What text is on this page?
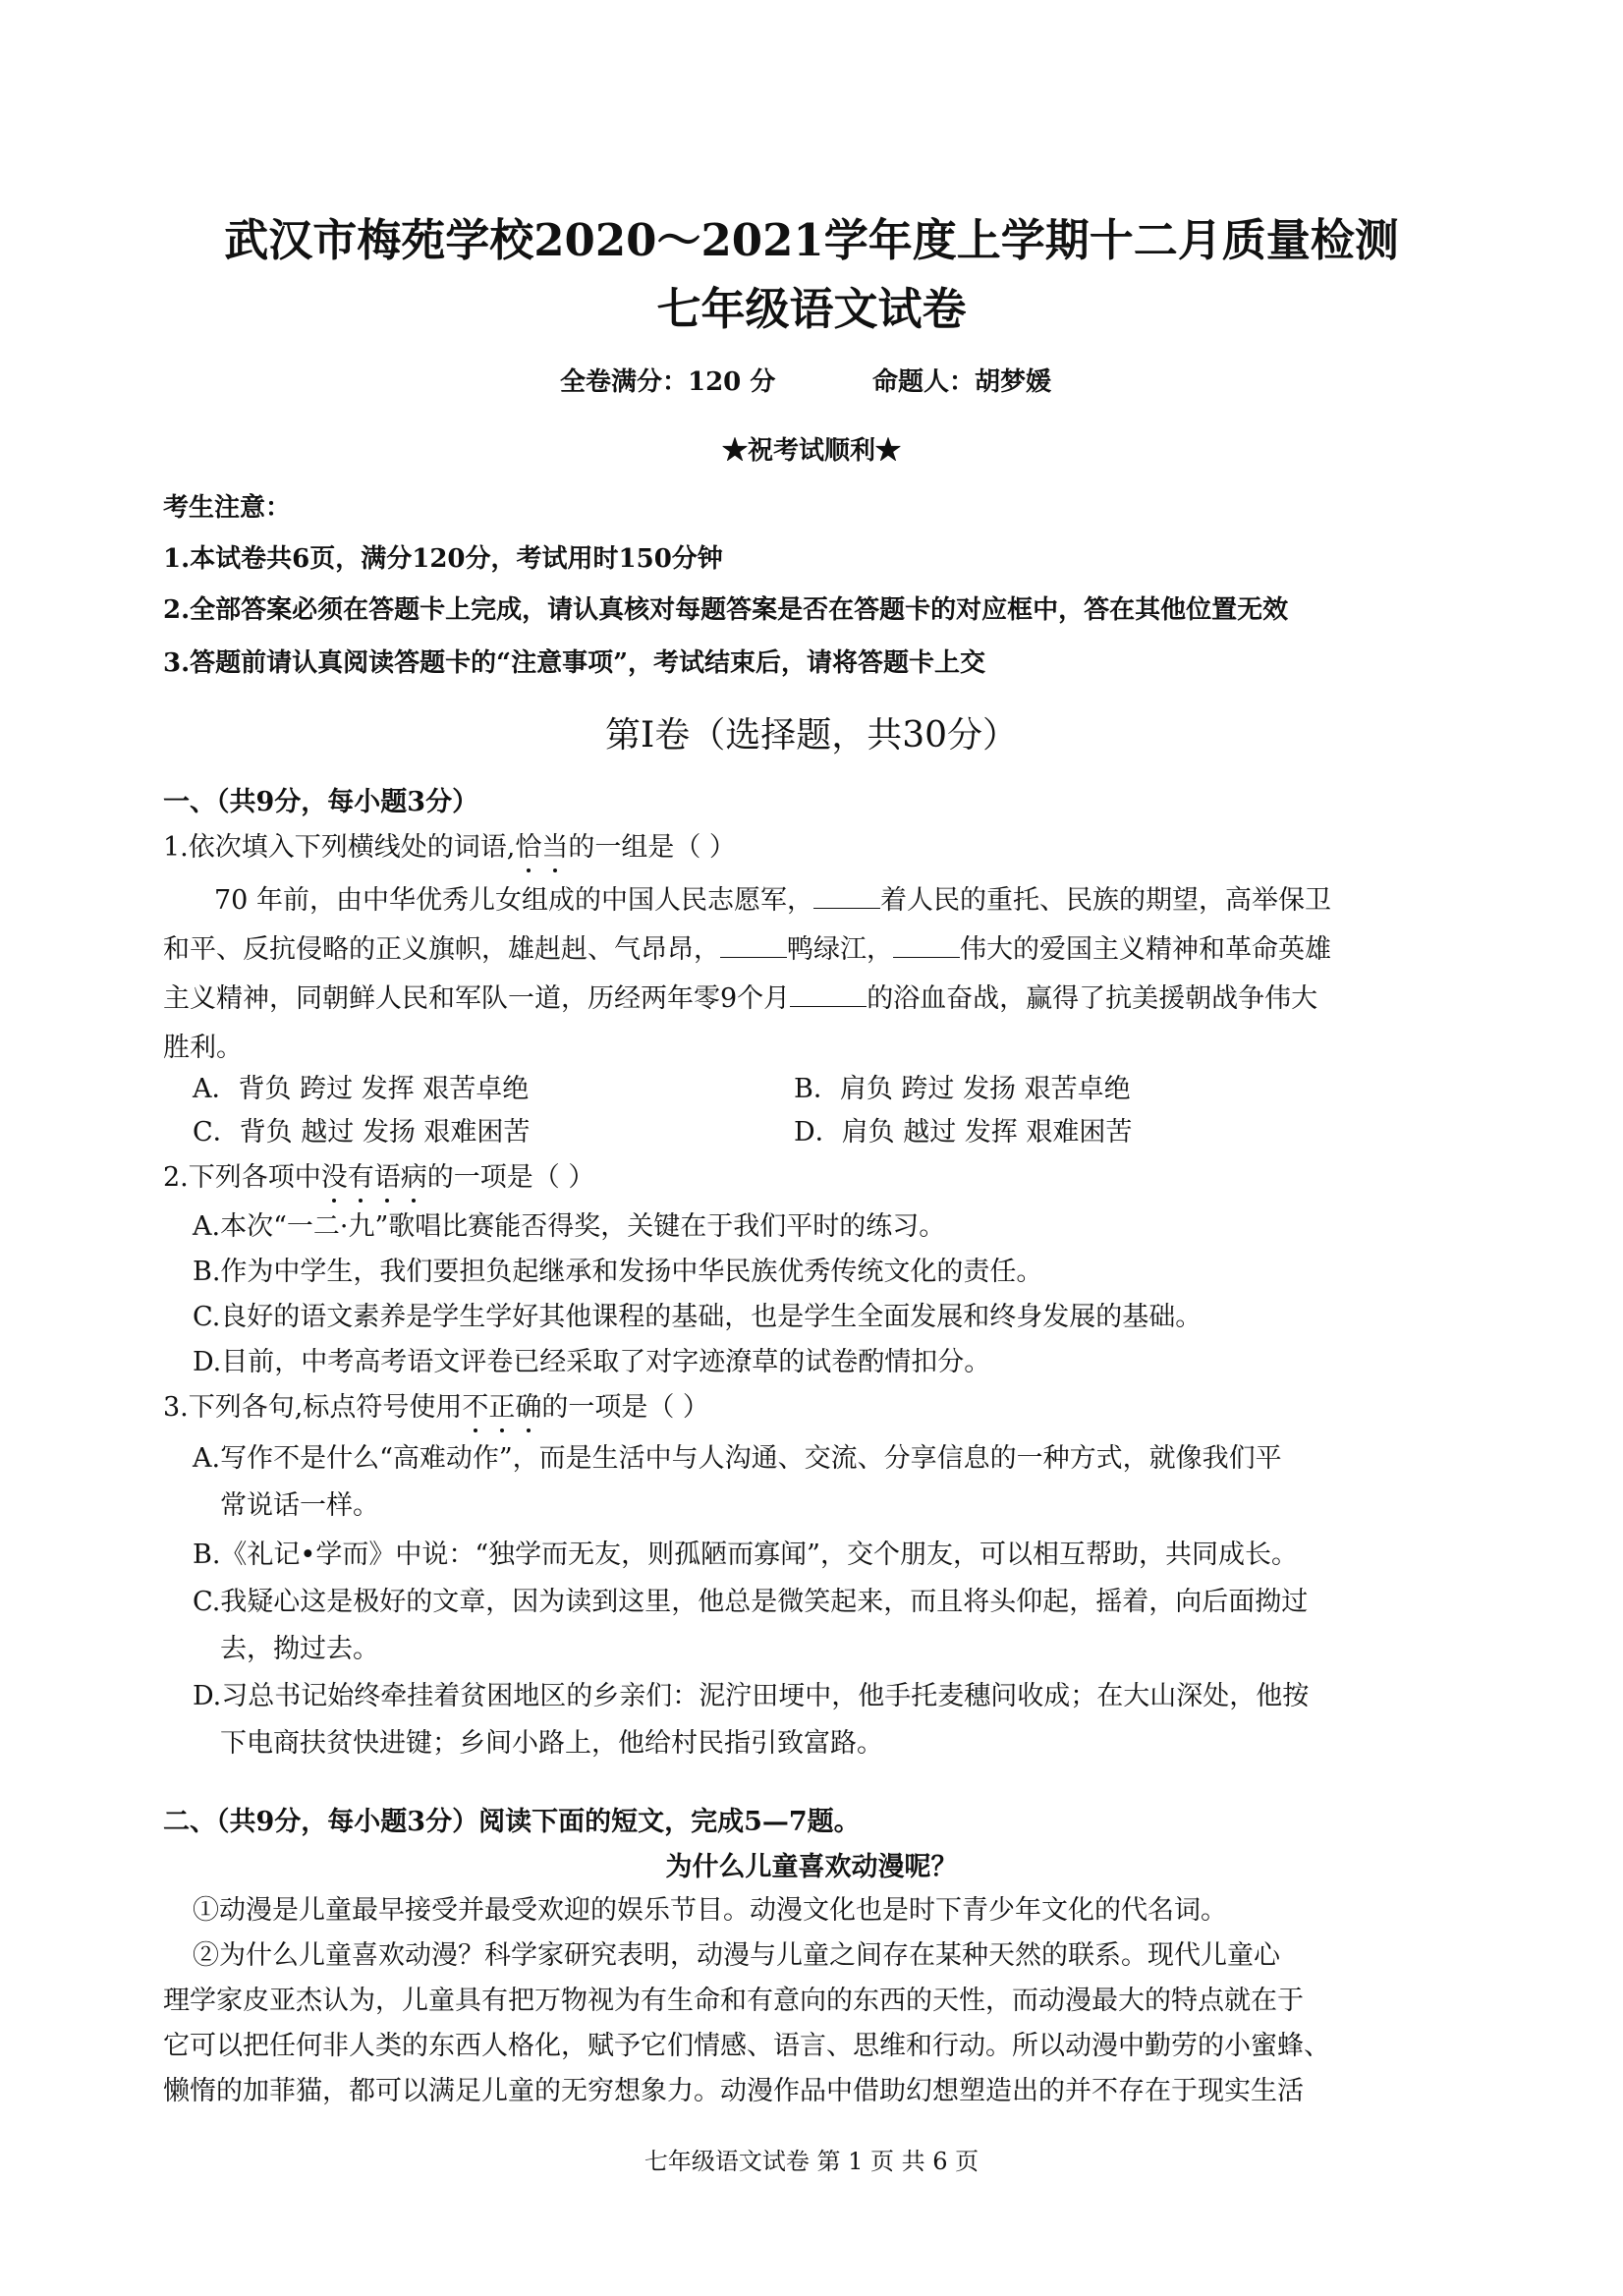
武汉市梅苑学校2020～2021学年度上学期十二月质量检测
七年级语文试卷
全卷满分：120 分	命题人：胡梦媛
★祝考试顺利★
考生注意：
1.本试卷共6页，满分120分，考试用时150分钟
2.全部答案必须在答题卡上完成，请认真核对每题答案是否在答题卡的对应框中，答在其他位置无效
3.答题前请认真阅读答题卡的“注意事项”，考试结束后，请将答题卡上交
第Ⅰ卷（选择题，共30分）
一、（共9分，每小题3分）
1.依次填入下列横线处的词语,恰当的一组是（ ）
70 年前，由中华优秀儿女组成的中国人民志愿军，	着人民的重托、民族的期望，高举保卫
和平、反抗侵略的正义旗帜，雄赳赳、气昂昂，	鸭绿江，	伟大的爱国主义精神和革命英雄
主义精神，同朝鲜人民和军队一道，历经两年零9个月	的浴血奋战，赢得了抗美援朝战争伟大
胜利。
A．背负 跨过 发挥 艰苦卓绝	B．肩负 跨过 发扬 艰苦卓绝
C．背负 越过 发扬 艰难困苦	D．肩负 越过 发挥 艰难困苦
2.下列各项中没有语病的一项是（ ）
A.本次“一二·九”歌唱比赛能否得奖，关键在于我们平时的练习。
B.作为中学生，我们要担负起继承和发扬中华民族优秀传统文化的责任。
C.良好的语文素养是学生学好其他课程的基础，也是学生全面发展和终身发展的基础。
D.目前，中考高考语文评卷已经采取了对字迹潦草的试卷酌情扣分。
3.下列各句,标点符号使用不正确的一项是（ ）
A.写作不是什么“高难动作”，而是生活中与人沟通、交流、分享信息的一种方式，就像我们平
常说话一样。
B.《礼记•学而》中说：“独学而无友，则孤陋而寡闻”，交个朋友，可以相互帮助，共同成长。
C.我疑心这是极好的文章，因为读到这里，他总是微笑起来，而且将头仰起，摇着，向后面拗过
去，拗过去。
D.习总书记始终牵挂着贫困地区的乡亲们：泥泞田埂中，他手托麦穗问收成；在大山深处，他按
下电商扶贫快进键；乡间小路上，他给村民指引致富路。
二、（共9分，每小题3分）阅读下面的短文，完成5—7题。
为什么儿童喜欢动漫呢？
①动漫是儿童最早接受并最受欢迎的娱乐节目。动漫文化也是时下青少年文化的代名词。
②为什么儿童喜欢动漫？科学家研究表明，动漫与儿童之间存在某种天然的联系。现代儿童心
理学家皮亚杰认为，儿童具有把万物视为有生命和有意向的东西的天性，而动漫最大的特点就在于
它可以把任何非人类的东西人格化，赋予它们情感、语言、思维和行动。所以动漫中勤劳的小蜜蜂、
懒惰的加菲猫，都可以满足儿童的无穷想象力。动漫作品中借助幻想塑造出的并不存在于现实生活
七年级语文试卷 第 1 页 共 6 页
